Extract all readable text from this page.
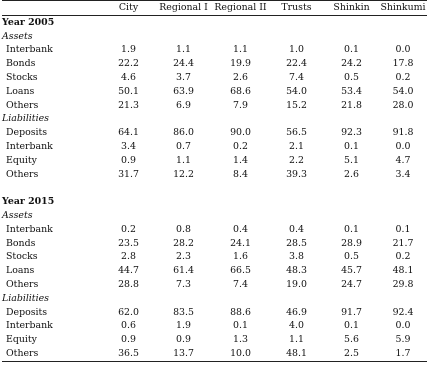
	City	Regional I	Regional II	Trusts	Shinkin	Shinkumi
Year 2005						
Assets						
Interbank	1.9	1.1	1.1	1.0	0.1	0.0
Bonds	22.2	24.4	19.9	22.4	24.2	17.8
Stocks	4.6	3.7	2.6	7.4	0.5	0.2
Loans	50.1	63.9	68.6	54.0	53.4	54.0
Others	21.3	6.9	7.9	15.2	21.8	28.0
Liabilities						
Deposits	64.1	86.0	90.0	56.5	92.3	91.8
Interbank	3.4	0.7	0.2	2.1	0.1	0.0
Equity	0.9	1.1	1.4	2.2	5.1	4.7
Others	31.7	12.2	8.4	39.3	2.6	3.4

Year 2015						
Assets						
Interbank	0.2	0.8	0.4	0.4	0.1	0.1
Bonds	23.5	28.2	24.1	28.5	28.9	21.7
Stocks	2.8	2.3	1.6	3.8	0.5	0.2
Loans	44.7	61.4	66.5	48.3	45.7	48.1
Others	28.8	7.3	7.4	19.0	24.7	29.8
Liabilities						
Deposits	62.0	83.5	88.6	46.9	91.7	92.4
Interbank	0.6	1.9	0.1	4.0	0.1	0.0
Equity	0.9	0.9	1.3	1.1	5.6	5.9
Others	36.5	13.7	10.0	48.1	2.5	1.7
